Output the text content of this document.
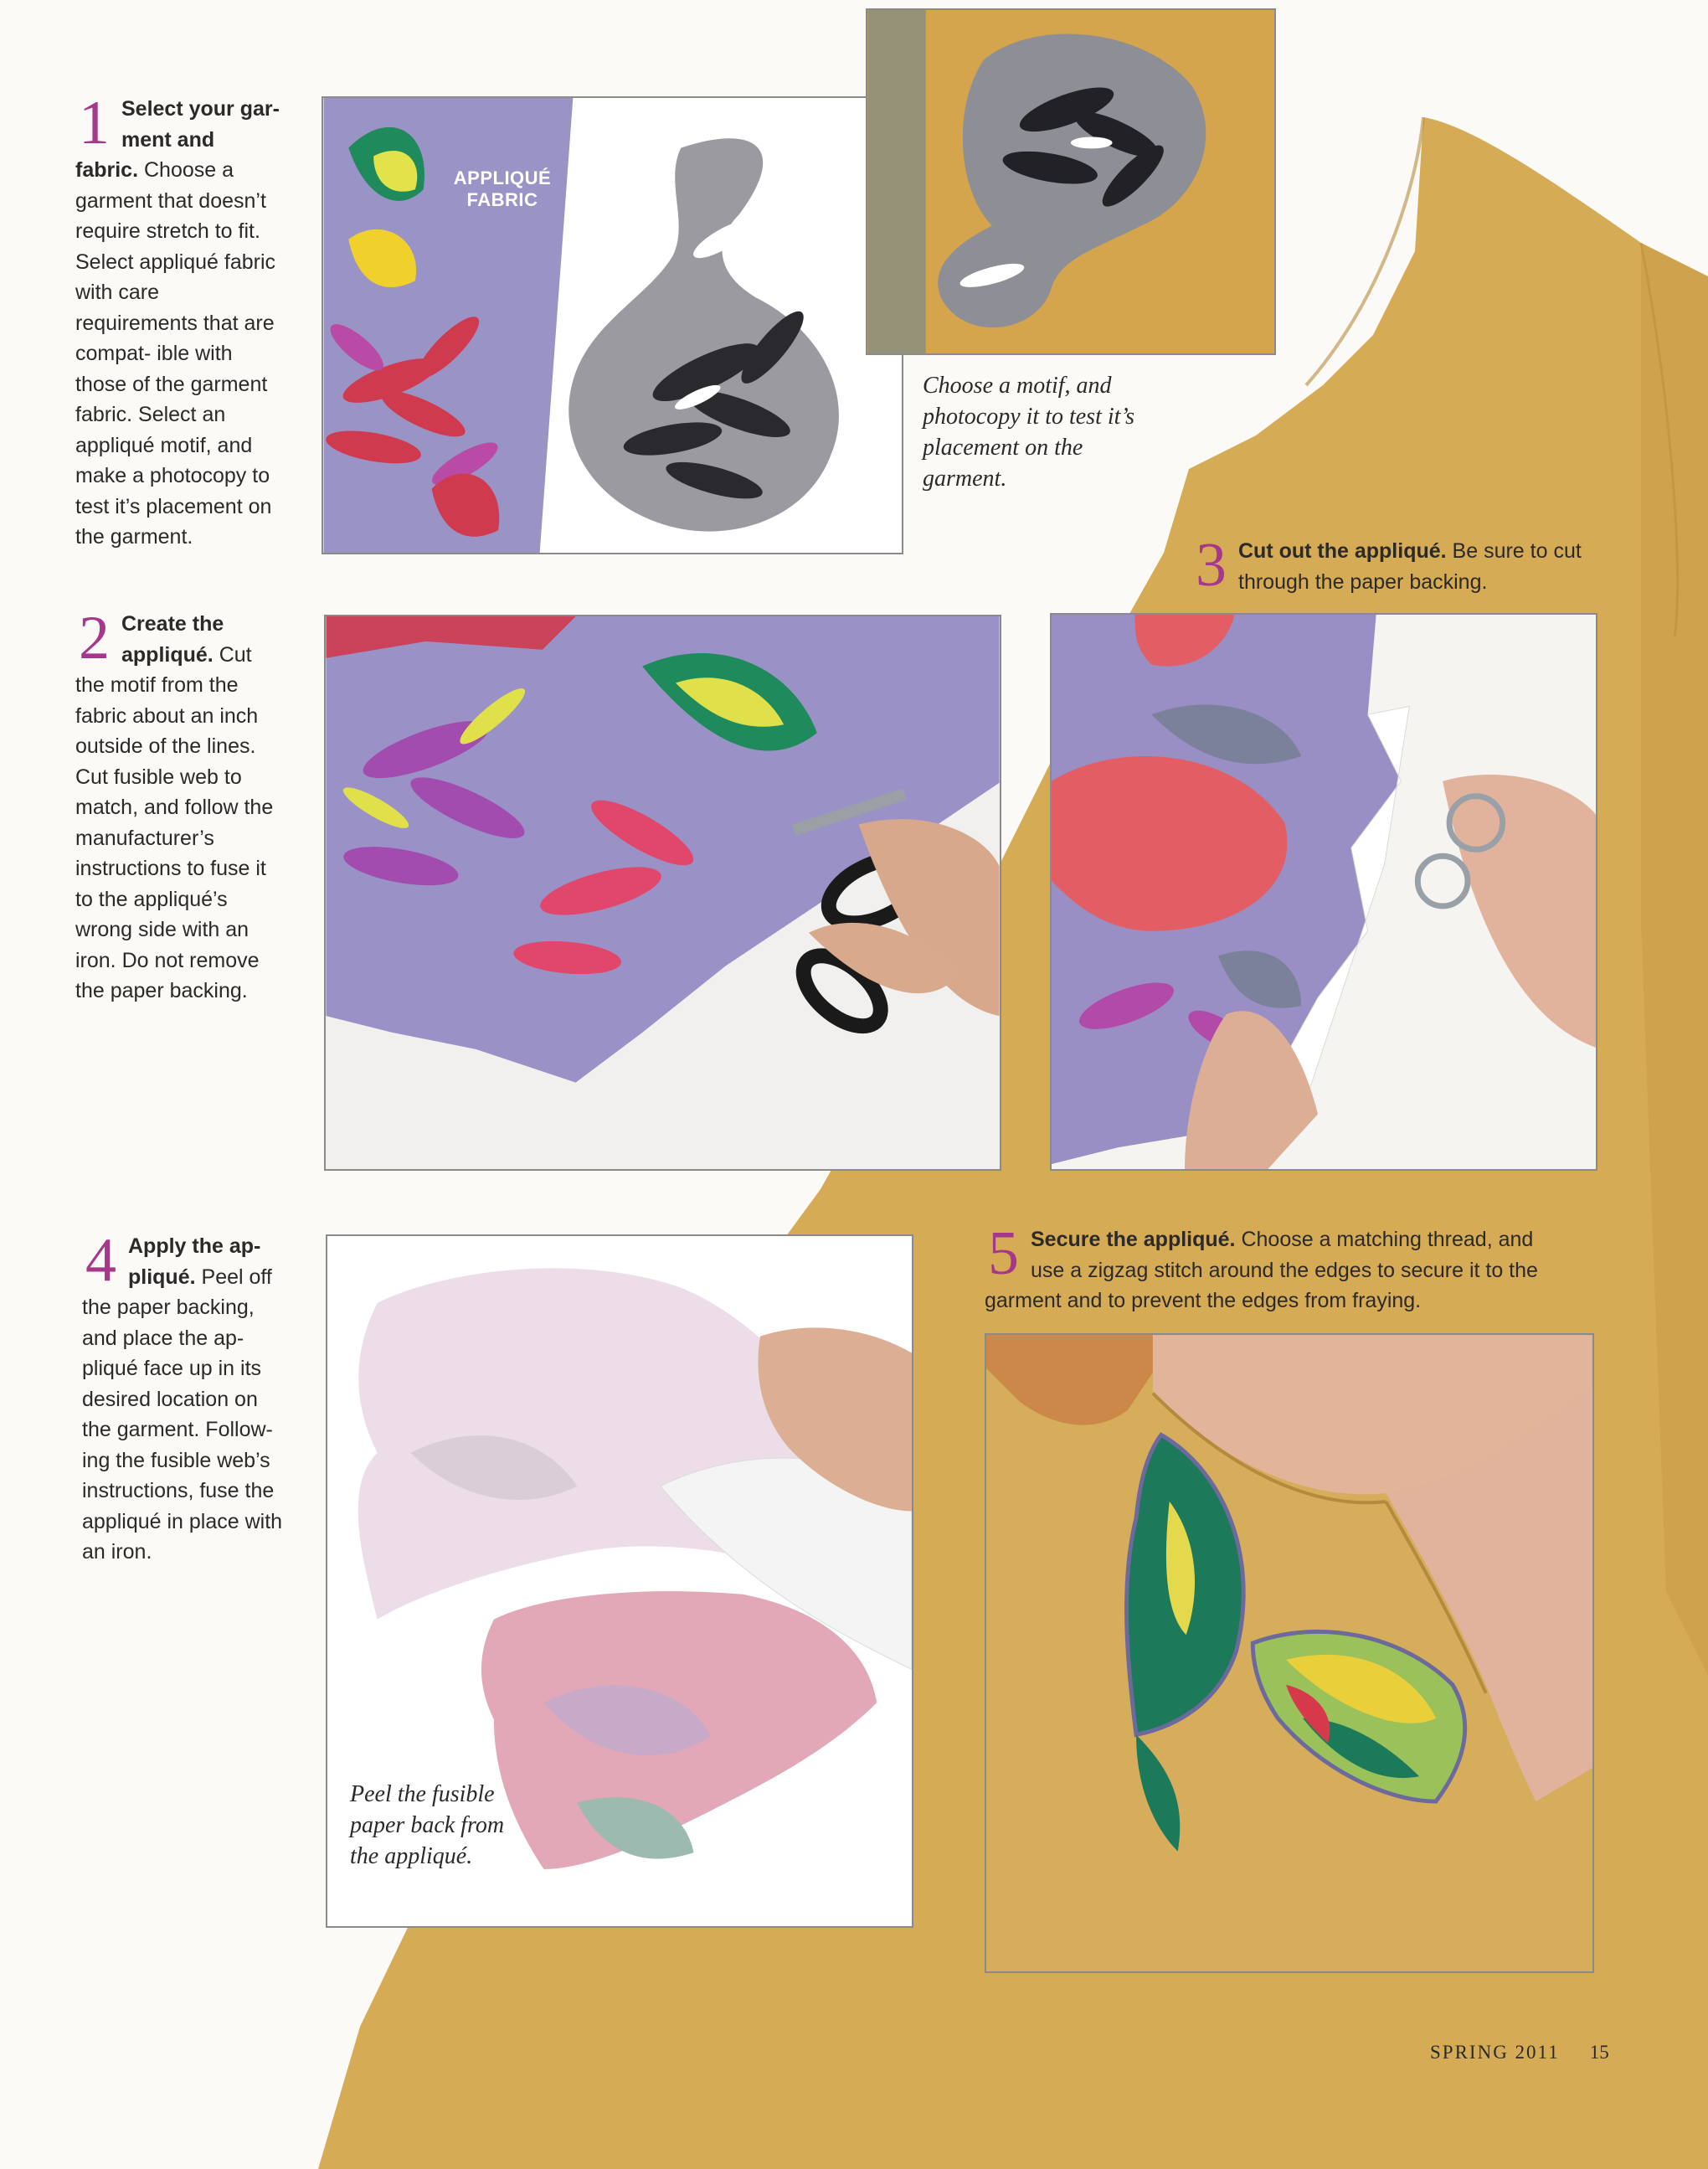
1 Select your gar- ment and fabric. Choose a garment that doesn’t require stretch to fit. Select appliqué fabric with care requirements that are compat- ible with those of the garment fabric. Select an appliqué motif, and make a photocopy to test it’s placement on the garment.
APPLIQUÉ FABRIC
Choose a motif, and photocopy it to test it’s placement on the garment.
2 Create the appliqué. Cut the motif from the fabric about an inch outside of the lines. Cut fusible web to match, and follow the manufacturer’s instructions to fuse it to the appliqué’s wrong side with an iron. Do not remove the paper backing.
3 Cut out the appliqué. Be sure to cut through the paper backing.
4 Apply the ap- pliqué. Peel off the paper backing, and place the ap- pliqué face up in its desired location on the garment. Follow- ing the fusible web’s instructions, fuse the appliqué in place with an iron.
Peel the fusible paper back from the appliqué.
5 Secure the appliqué. Choose a matching thread, and use a zigzag stitch around the edges to secure it to the garment and to prevent the edges from fraying.
SPRING 2011 15
